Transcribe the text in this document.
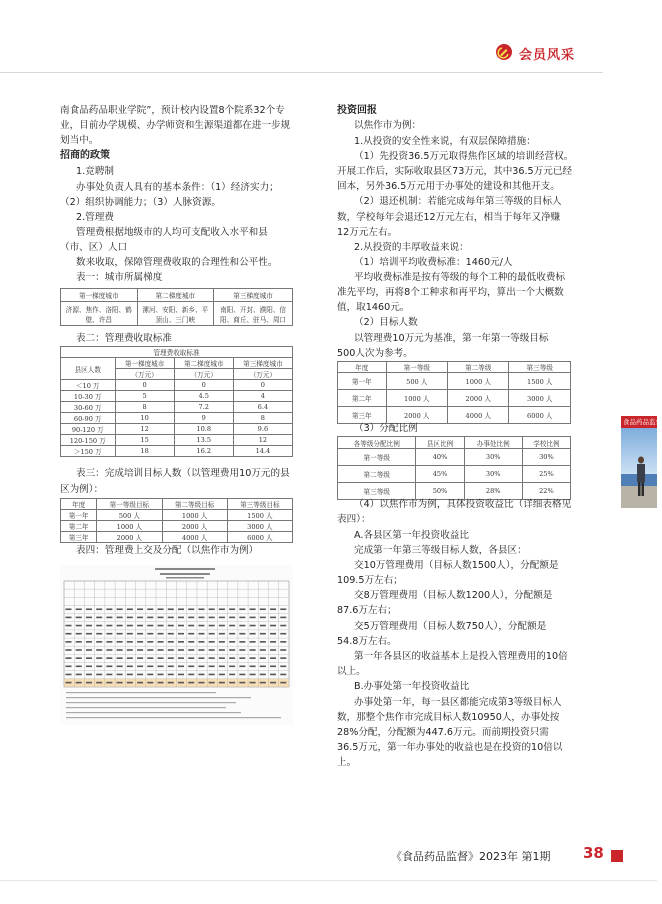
会员风采

南食品药品职业学院”，预计校内设置8个院系32个专

业，目前办学规模、办学师资和生源渠道都在进一步规

划当中。

招商的政策

1.竞聘制

办事处负责人具有的基本条件：（1）经济实力；

（2）组织协调能力；（3）人脉资源。

2.管理费

管理费根据地级市的人均可支配收入水平和县

（市、区）人口

数来收取，保障管理费收取的合理性和公平性。

表一：城市所属梯度

第一梯度城市	第二梯度城市	第三梯度城市
济源、焦作、洛阳、鹤壁、许昌	漯河、安阳、新乡、平顶山、三门峡	南阳、开封、濮阳、信阳、商丘、驻马、周口

表二：管理费收取标准

管理费收取标准			
县区人数	第一梯度城市	第二梯度城市	第三梯度城市
	（万元）	（万元）	（万元）
＜10 万	0	0	0
10-30 万	5	4.5	4
30-60 万	8	7.2	6.4
60-90 万	10	9	8
90-120 万	12	10.8	9.6
120-150 万	15	13.5	12
＞150 万	18	16.2	14.4

表三：完成培训目标人数（以管理费用10万元的县

区为例）：

年度	第一等级目标	第二等级目标	第三等级目标
第一年	500 人	1000 人	1500 人
第二年	1000 人	2000 人	3000 人
第三年	2000 人	4000 人	6000 人

表四：管理费上交及分配（以焦作市为例）

投资回报

以焦作市为例：

1.从投资的安全性来说，有双层保障措施：

（1）先投资36.5万元取得焦作区域的培训经营权。

开展工作后，实际收取县区73万元，其中36.5万元已经

回本，另外36.5万元用于办事处的建设和其他开支。

（2）退还机制：若能完成每年第三等级的目标人

数，学校每年会退还12万元左右，相当于每年又净赚

12万元左右。

2.从投资的丰厚收益来说：

（1）培训平均收费标准：1460元/人

平均收费标准是按有等级的每个工种的最低收费标

准先平均，再将8个工种求和再平均，算出一个大概数

值，取1460元。

（2）目标人数

以管理费10万元为基准，第一年第一等级目标

500人次为参考。

年度	第一等级	第二等级	第三等级
第一年	500 人	1000 人	1500 人
第二年	1000 人	2000 人	3000 人
第三年	2000 人	4000 人	6000 人

（3）分配比例

各等级分配比例	县区比例	办事处比例	学校比例
第一等级	40%	30%	30%
第二等级	45%	30%	25%
第三等级	50%	28%	22%

（4）以焦作市为例，具体投资收益比（详细表格见

表四）：

A.各县区第一年投资收益比

完成第一年第三等级目标人数，各县区：

交10万管理费用（目标人数1500人），分配额是

109.5万左右；

交8万管理费用（目标人数1200人），分配额是

87.6万左右；

交5万管理费用（目标人数750人），分配额是

54.8万左右。

第一年各县区的收益基本上是投入管理费用的10倍

以上。

B.办事处第一年投资收益比

办事处第一年，每一县区都能完成第3等级目标人

数，那整个焦作市完成目标人数10950人，办事处按

28%分配，分配额为447.6万元。而前期投资只需

36.5万元，第一年办事处的收益也是在投资的10倍以

上。

食品药品监督
《食品药品监督》2023年 第1期 38
